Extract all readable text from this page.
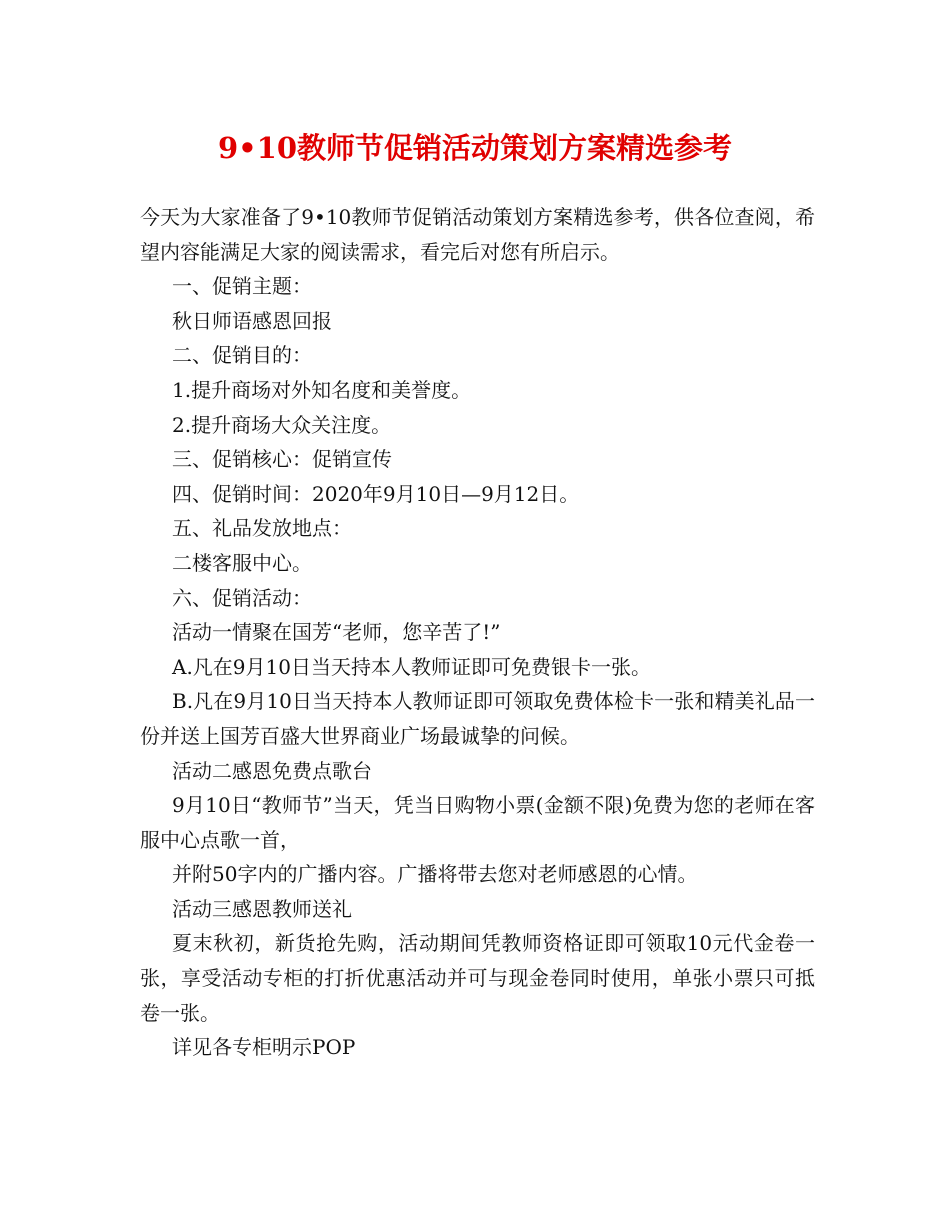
9•10教师节促销活动策划方案精选参考

今天为大家准备了9•10教师节促销活动策划方案精选参考，供各位查阅，希望内容能满足大家的阅读需求，看完后对您有所启示。

一、促销主题：

秋日师语感恩回报

二、促销目的：

1.提升商场对外知名度和美誉度。

2.提升商场大众关注度。

三、促销核心：促销宣传

四、促销时间：2020年9月10日—9月12日。

五、礼品发放地点：

二楼客服中心。

六、促销活动：

活动一情聚在国芳“老师，您辛苦了!”

A.凡在9月10日当天持本人教师证即可免费银卡一张。

B.凡在9月10日当天持本人教师证即可领取免费体检卡一张和精美礼品一份并送上国芳百盛大世界商业广场最诚挚的问候。

活动二感恩免费点歌台

9月10日“教师节”当天，凭当日购物小票(金额不限)免费为您的老师在客服中心点歌一首，

并附50字内的广播内容。广播将带去您对老师感恩的心情。

活动三感恩教师送礼

夏末秋初，新货抢先购，活动期间凭教师资格证即可领取10元代金卷一张，享受活动专柜的打折优惠活动并可与现金卷同时使用，单张小票只可抵卷一张。

详见各专柜明示POP
